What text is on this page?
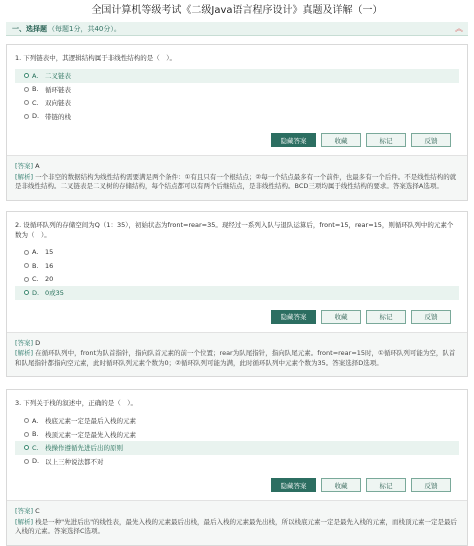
全国计算机等级考试《二级Java语言程序设计》真题及详解（一）
一、选择题 （每题1分，共40分）。	︽
1. 下列链表中，其逻辑结构属于非线性结构的是（　）。
A.	二叉链表
B. 循环链表
C. 双向链表
D. 带链的栈
隐藏答案	收藏	标记	反馈
[答案] A
[解析] 一个非空的数据结构为线性结构需要满足两个条件：①有且只有一个根结点；②每一个结点最多有一个前件，也最多有一个后件。不是线性结构的就是非线性结构。二叉链表是二叉树的存储结构，每个结点都可以有两个后继结点，是非线性结构。BCD三项均属于线性结构的要求。答案选择A选项。
2. 设循环队列的存储空间为Q（1：35），初始状态为front=rear=35。现经过一系列入队与退队运算后，front=15，rear=15，则循环队列中的元素个数为（　）。
A.	15
B. 16
C. 20
D. 0或35
隐藏答案	收藏	标记	反馈
[答案] D
[解析] 在循环队列中，front为队首指针，指向队首元素的前一个位置；rear为队尾指针，指向队尾元素。front=rear=15时，①循环队列可能为空，队首和队尾指针都指向空元素，此时循环队列元素个数为0；②循环队列可能为满，此时循环队列中元素个数为35。答案选择D选项。
3. 下列关于栈的叙述中，正确的是（　）。
A.	栈底元素一定是最后入栈的元素
B. 栈顶元素一定是最先入栈的元素
C. 栈操作遵循先进后出的原则
D. 以上三种说法都不对
隐藏答案	收藏	标记	反馈
[答案] C
[解析] 栈是一种"先进后出"的线性表，最先入栈的元素最后出栈，最后入栈的元素最先出栈，所以栈底元素一定是最先入栈的元素，而栈顶元素一定是最后入栈的元素。答案选择C选项。
